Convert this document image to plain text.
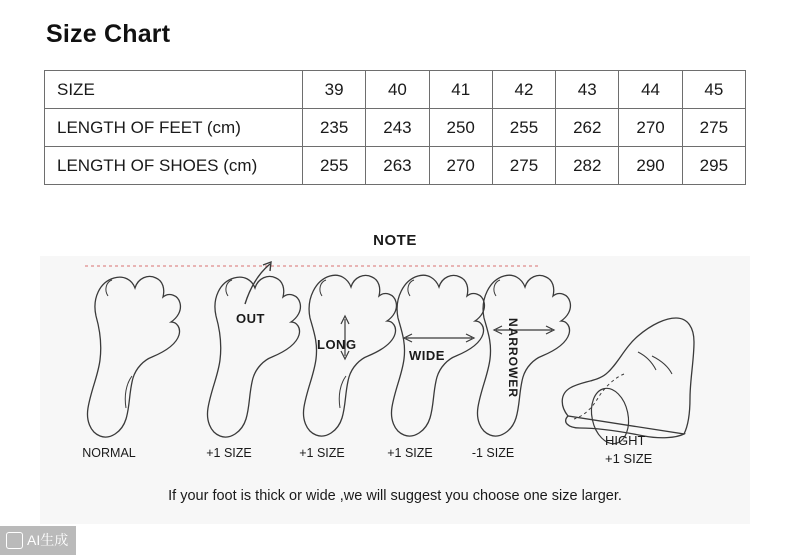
Size Chart
SIZE	39	40	41	42	43	44	45
LENGTH OF FEET (cm)	235	243	250	255	262	270	275
LENGTH OF SHOES (cm)	255	263	270	275	282	290	295
NOTE
OUT
LONG
WIDE	NARROWER
NORMAL	+1 SIZE	+1 SIZE	+1 SIZE	-1 SIZE
HIGHT
+1 SIZE
If your foot is thick or wide ,we will suggest you choose one size larger.
AI生成
